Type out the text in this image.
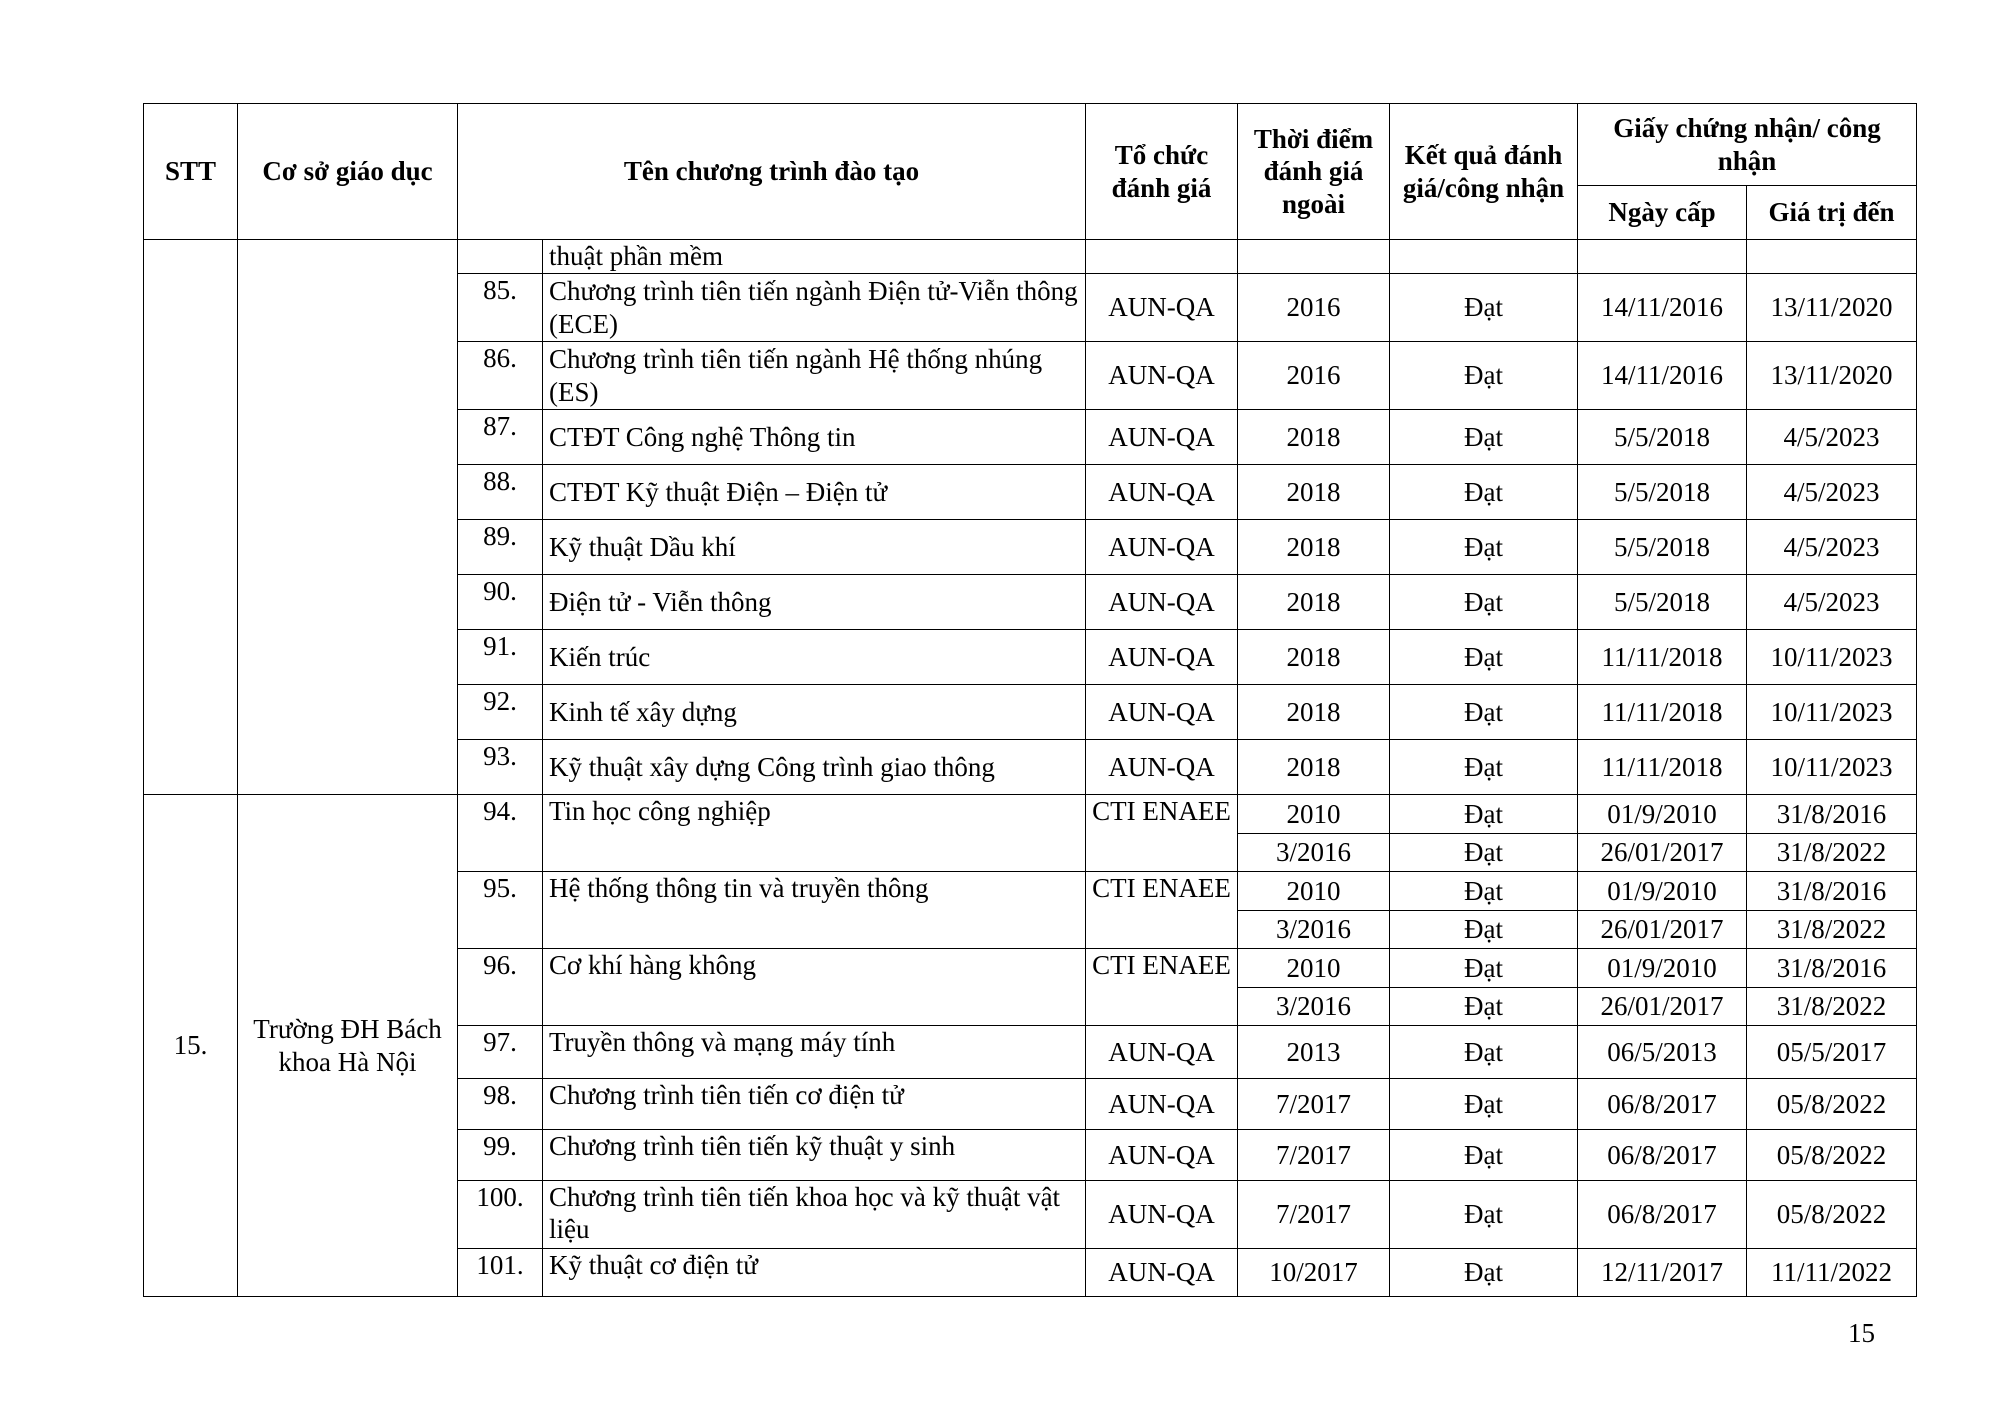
STT	Cơ sở giáo dục	Tên chương trình đào tạo		Tổ chức đánh giá	Thời điểm đánh giá ngoài	Kết quả đánh giá/công nhận	Giấy chứng nhận/ công nhận	
							Ngày cấp	Giá trị đến
			thuật phần mềm					
		85.	Chương trình tiên tiến ngành Điện tử-Viễn thông (ECE)	AUN-QA	2016	Đạt	14/11/2016	13/11/2020
		86.	Chương trình tiên tiến ngành Hệ thống nhúng (ES)	AUN-QA	2016	Đạt	14/11/2016	13/11/2020
		87.	CTĐT Công nghệ Thông tin	AUN-QA	2018	Đạt	5/5/2018	4/5/2023
		88.	CTĐT Kỹ thuật Điện – Điện tử	AUN-QA	2018	Đạt	5/5/2018	4/5/2023
		89.	Kỹ thuật Dầu khí	AUN-QA	2018	Đạt	5/5/2018	4/5/2023
		90.	Điện tử - Viễn thông	AUN-QA	2018	Đạt	5/5/2018	4/5/2023
		91.	Kiến trúc	AUN-QA	2018	Đạt	11/11/2018	10/11/2023
		92.	Kinh tế xây dựng	AUN-QA	2018	Đạt	11/11/2018	10/11/2023
		93.	Kỹ thuật xây dựng Công trình giao thông	AUN-QA	2018	Đạt	11/11/2018	10/11/2023
15.	Trường ĐH Bách khoa Hà Nội	94.	Tin học công nghiệp	CTI ENAEE	2010	Đạt	01/9/2010	31/8/2016
					3/2016	Đạt	26/01/2017	31/8/2022
		95.	Hệ thống thông tin và truyền thông	CTI ENAEE	2010	Đạt	01/9/2010	31/8/2016
					3/2016	Đạt	26/01/2017	31/8/2022
		96.	Cơ khí hàng không	CTI ENAEE	2010	Đạt	01/9/2010	31/8/2016
					3/2016	Đạt	26/01/2017	31/8/2022
		97.	Truyền thông và mạng máy tính	AUN-QA	2013	Đạt	06/5/2013	05/5/2017
		98.	Chương trình tiên tiến cơ điện tử	AUN-QA	7/2017	Đạt	06/8/2017	05/8/2022
		99.	Chương trình tiên tiến kỹ thuật y sinh	AUN-QA	7/2017	Đạt	06/8/2017	05/8/2022
		100.	Chương trình tiên tiến khoa học và kỹ thuật vật liệu	AUN-QA	7/2017	Đạt	06/8/2017	05/8/2022
		101.	Kỹ thuật cơ điện tử	AUN-QA	10/2017	Đạt	12/11/2017	11/11/2022
15
